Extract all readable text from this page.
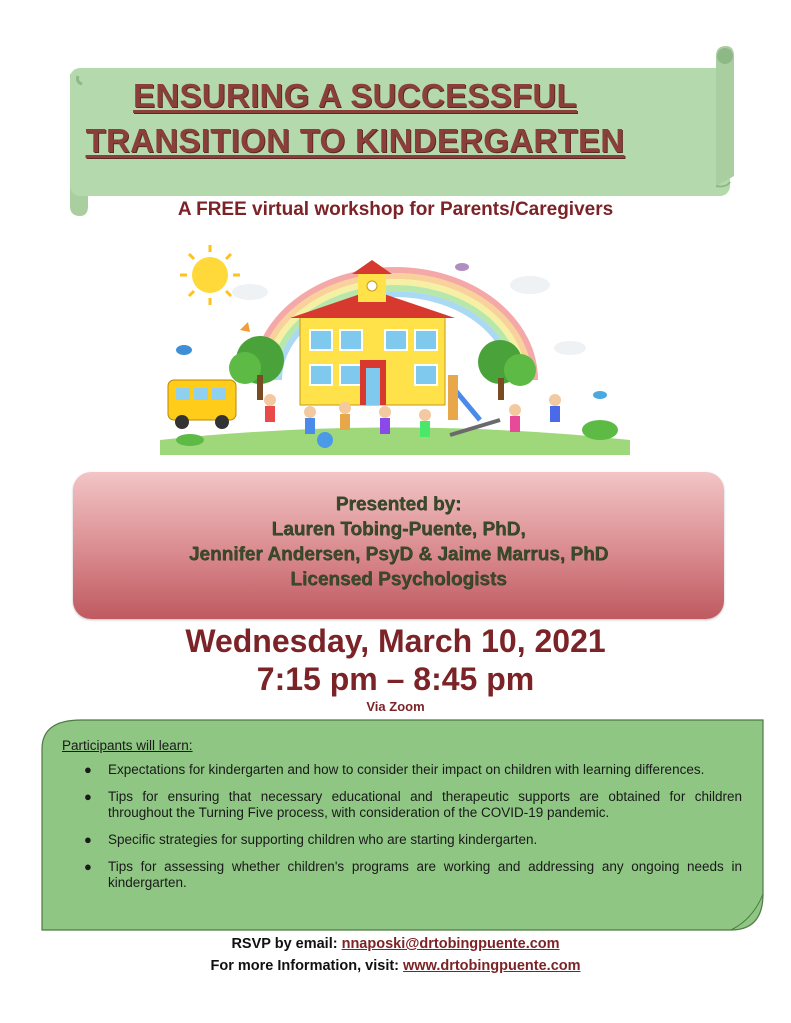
ENSURING A SUCCESSFUL
TRANSITION TO KINDERGARTEN
A FREE virtual workshop for Parents/Caregivers
Presented by:
Lauren Tobing-Puente, PhD,
Jennifer Andersen, PsyD & Jaime Marrus, PhD
Licensed Psychologists
Wednesday, March 10, 2021
7:15 pm – 8:45 pm
Via Zoom
Participants will learn:
● Expectations for kindergarten and how to consider their impact on children with learning differences.
● Tips for ensuring that necessary educational and therapeutic supports are obtained for children throughout the Turning Five process, with consideration of the COVID-19 pandemic.
● Specific strategies for supporting children who are starting kindergarten.
● Tips for assessing whether children's programs are working and addressing any ongoing needs in kindergarten.
RSVP by email: nnaposki@drtobingpuente.com
For more Information, visit: www.drtobingpuente.com
